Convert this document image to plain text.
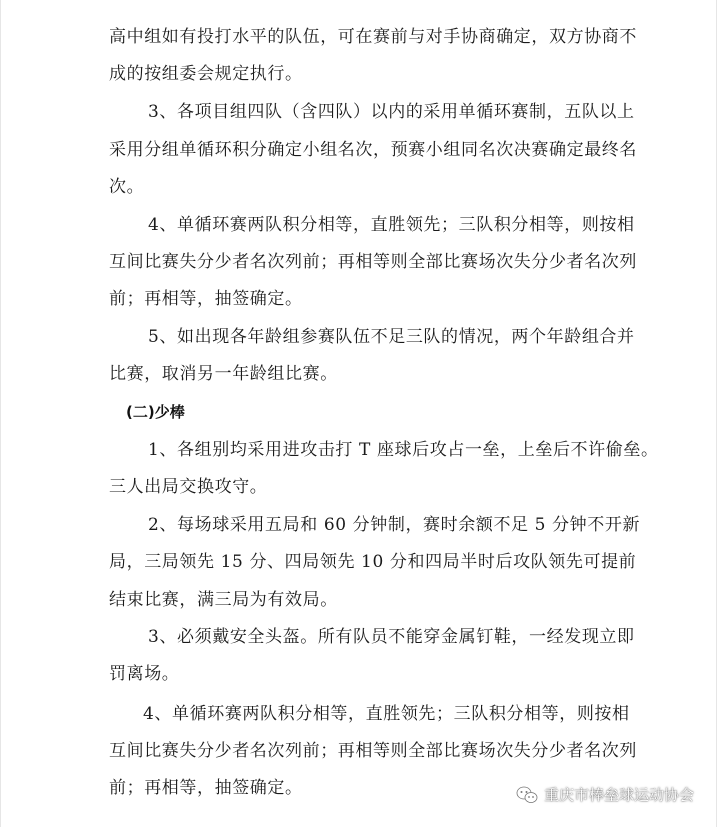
高中组如有投打水平的队伍，可在赛前与对手协商确定，双方协商不
成的按组委会规定执行。
3、各项目组四队（含四队）以内的采用单循环赛制，五队以上
采用分组单循环积分确定小组名次，预赛小组同名次决赛确定最终名
次。
4、单循环赛两队积分相等，直胜领先；三队积分相等，则按相
互间比赛失分少者名次列前；再相等则全部比赛场次失分少者名次列
前；再相等，抽签确定。
5、如出现各年龄组参赛队伍不足三队的情况，两个年龄组合并
比赛，取消另一年龄组比赛。
(二)少棒
1、各组别均采用进攻击打 T 座球后攻占一垒，上垒后不许偷垒。
三人出局交换攻守。
2、每场球采用五局和 60 分钟制，赛时余额不足 5 分钟不开新
局，三局领先 15 分、四局领先 10 分和四局半时后攻队领先可提前
结束比赛，满三局为有效局。
3、必须戴安全头盔。所有队员不能穿金属钉鞋，一经发现立即
罚离场。
4、单循环赛两队积分相等，直胜领先；三队积分相等，则按相
互间比赛失分少者名次列前；再相等则全部比赛场次失分少者名次列
前；再相等，抽签确定。	重庆市棒垒球运动协会
